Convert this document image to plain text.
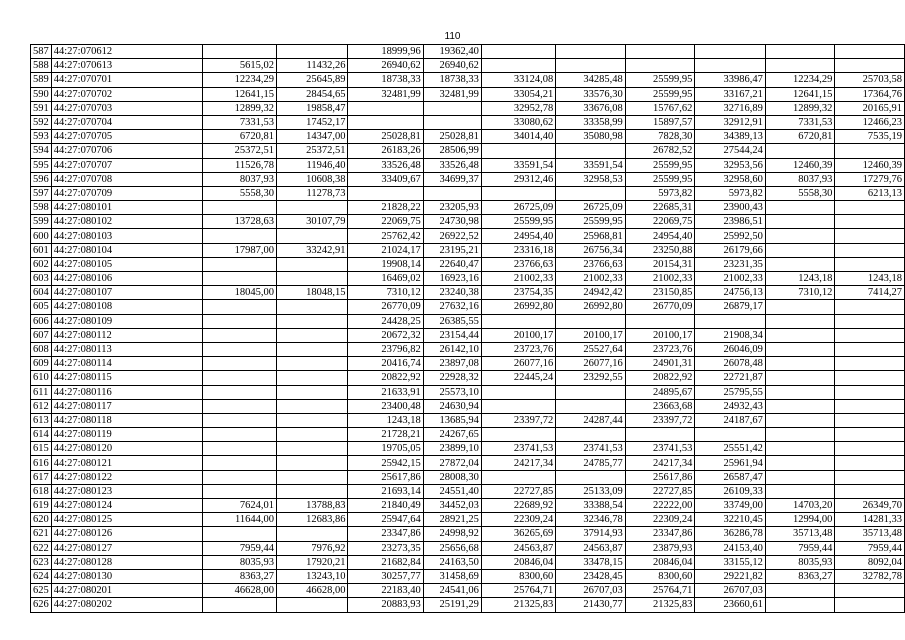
110
587	44:27:070612			18999,96	19362,40						
588	44:27:070613	5615,02	11432,26	26940,62	26940,62						
589	44:27:070701	12234,29	25645,89	18738,33	18738,33	33124,08	34285,48	25599,95	33986,47	12234,29	25703,58
590	44:27:070702	12641,15	28454,65	32481,99	32481,99	33054,21	33576,30	25599,95	33167,21	12641,15	17364,76
591	44:27:070703	12899,32	19858,47			32952,78	33676,08	15767,62	32716,89	12899,32	20165,91
592	44:27:070704	7331,53	17452,17			33080,62	33358,99	15897,57	32912,91	7331,53	12466,23
593	44:27:070705	6720,81	14347,00	25028,81	25028,81	34014,40	35080,98	7828,30	34389,13	6720,81	7535,19
594	44:27:070706	25372,51	25372,51	26183,26	28506,99			26782,52	27544,24		
595	44:27:070707	11526,78	11946,40	33526,48	33526,48	33591,54	33591,54	25599,95	32953,56	12460,39	12460,39
596	44:27:070708	8037,93	10608,38	33409,67	34699,37	29312,46	32958,53	25599,95	32958,60	8037,93	17279,76
597	44:27:070709	5558,30	11278,73					5973,82	5973,82	5558,30	6213,13
598	44:27:080101			21828,22	23205,93	26725,09	26725,09	22685,31	23900,43		
599	44:27:080102	13728,63	30107,79	22069,75	24730,98	25599,95	25599,95	22069,75	23986,51		
600	44:27:080103			25762,42	26922,52	24954,40	25968,81	24954,40	25992,50		
601	44:27:080104	17987,00	33242,91	21024,17	23195,21	23316,18	26756,34	23250,88	26179,66		
602	44:27:080105			19908,14	22640,47	23766,63	23766,63	20154,31	23231,35		
603	44:27:080106			16469,02	16923,16	21002,33	21002,33	21002,33	21002,33	1243,18	1243,18
604	44:27:080107	18045,00	18048,15	7310,12	23240,38	23754,35	24942,42	23150,85	24756,13	7310,12	7414,27
605	44:27:080108			26770,09	27632,16	26992,80	26992,80	26770,09	26879,17		
606	44:27:080109			24428,25	26385,55						
607	44:27:080112			20672,32	23154,44	20100,17	20100,17	20100,17	21908,34		
608	44:27:080113			23796,82	26142,10	23723,76	25527,64	23723,76	26046,09		
609	44:27:080114			20416,74	23897,08	26077,16	26077,16	24901,31	26078,48		
610	44:27:080115			20822,92	22928,32	22445,24	23292,55	20822,92	22721,87		
611	44:27:080116			21633,91	25573,10			24895,67	25795,55		
612	44:27:080117			23400,48	24630,94			23663,68	24932,43		
613	44:27:080118			1243,18	13685,94	23397,72	24287,44	23397,72	24187,67		
614	44:27:080119			21728,21	24267,65						
615	44:27:080120			19705,05	23899,10	23741,53	23741,53	23741,53	25551,42		
616	44:27:080121			25942,15	27872,04	24217,34	24785,77	24217,34	25961,94		
617	44:27:080122			25617,86	28008,30			25617,86	26587,47		
618	44:27:080123			21693,14	24551,40	22727,85	25133,09	22727,85	26109,33		
619	44:27:080124	7624,01	13788,83	21840,49	34452,03	22689,92	33388,54	22222,00	33749,00	14703,20	26349,70
620	44:27:080125	11644,00	12683,86	25947,64	28921,25	22309,24	32346,78	22309,24	32210,45	12994,00	14281,33
621	44:27:080126			23347,86	24998,92	36265,69	37914,93	23347,86	36286,78	35713,48	35713,48
622	44:27:080127	7959,44	7976,92	23273,35	25656,68	24563,87	24563,87	23879,93	24153,40	7959,44	7959,44
623	44:27:080128	8035,93	17920,21	21682,84	24163,50	20846,04	33478,15	20846,04	33155,12	8035,93	8092,04
624	44:27:080130	8363,27	13243,10	30257,77	31458,69	8300,60	23428,45	8300,60	29221,82	8363,27	32782,78
625	44:27:080201	46628,00	46628,00	22183,40	24541,06	25764,71	26707,03	25764,71	26707,03		
626	44:27:080202			20883,93	25191,29	21325,83	21430,77	21325,83	23660,61		
